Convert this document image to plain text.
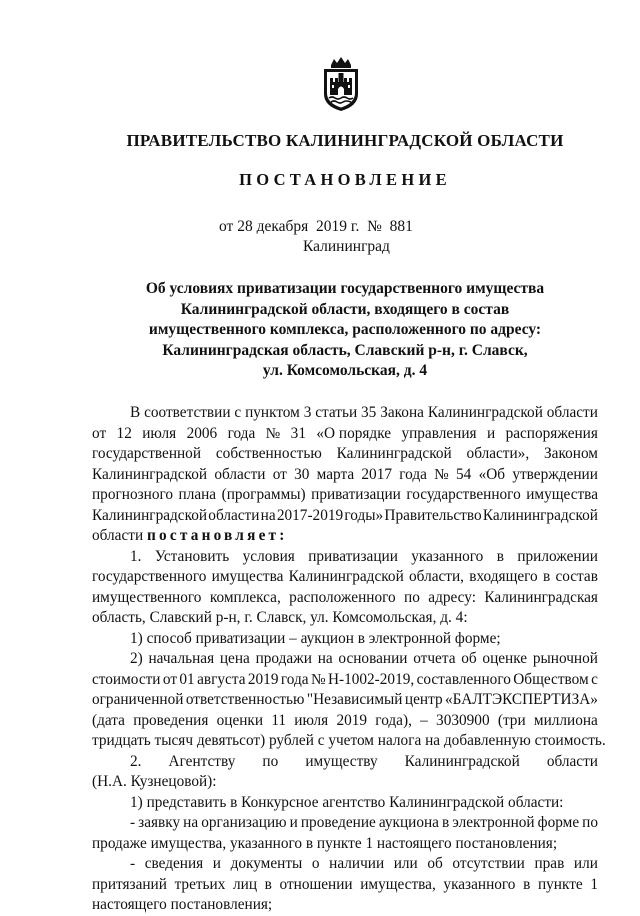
ПРАВИТЕЛЬСТВО КАЛИНИНГРАДСКОЙ ОБЛАСТИ
ПОСТАНОВЛЕНИЕ
от 28 декабря  2019 г.  №  881
Калининград
Об условиях приватизации государственного имущества
Калининградской области, входящего в состав
имущественного комплекса, расположенного по адресу:
Калининградская область, Славский р-н, г. Славск,
ул. Комсомольская, д. 4
В соответствии с пунктом 3 статьи 35 Закона Калининградской области
от 12 июля 2006 года № 31 «О порядке управления и распоряжения
государственной собственностью Калининградской области», Законом
Калининградской области от 30 марта 2017 года № 54 «Об утверждении
прогнозного плана (программы) приватизации государственного имущества
Калининградской области на 2017-2019 годы» Правительство Калининградской
области постановляет:
1. Установить условия приватизации указанного в приложении
государственного имущества Калининградской области, входящего в состав
имущественного комплекса, расположенного по адресу: Калининградская
область, Славский р-н, г. Славск, ул. Комсомольская, д. 4:
1) способ приватизации – аукцион в электронной форме;
2) начальная цена продажи на основании отчета об оценке рыночной
стоимости от 01 августа 2019 года № Н-1002-2019, составленного Обществом с
ограниченной ответственностью "Независимый центр «БАЛТЭКСПЕРТИЗА»
(дата проведения оценки 11 июля 2019 года), – 3030900 (три миллиона
тридцать тысяч девятьсот) рублей с учетом налога на добавленную стоимость.
2. Агентству по имуществу Калининградской области
(Н.А. Кузнецовой):
1) представить в Конкурсное агентство Калининградской области:
- заявку на организацию и проведение аукциона в электронной форме по
продаже имущества, указанного в пункте 1 настоящего постановления;
- сведения и документы о наличии или об отсутствии прав или
притязаний третьих лиц в отношении имущества, указанного в пункте 1
настоящего постановления;
